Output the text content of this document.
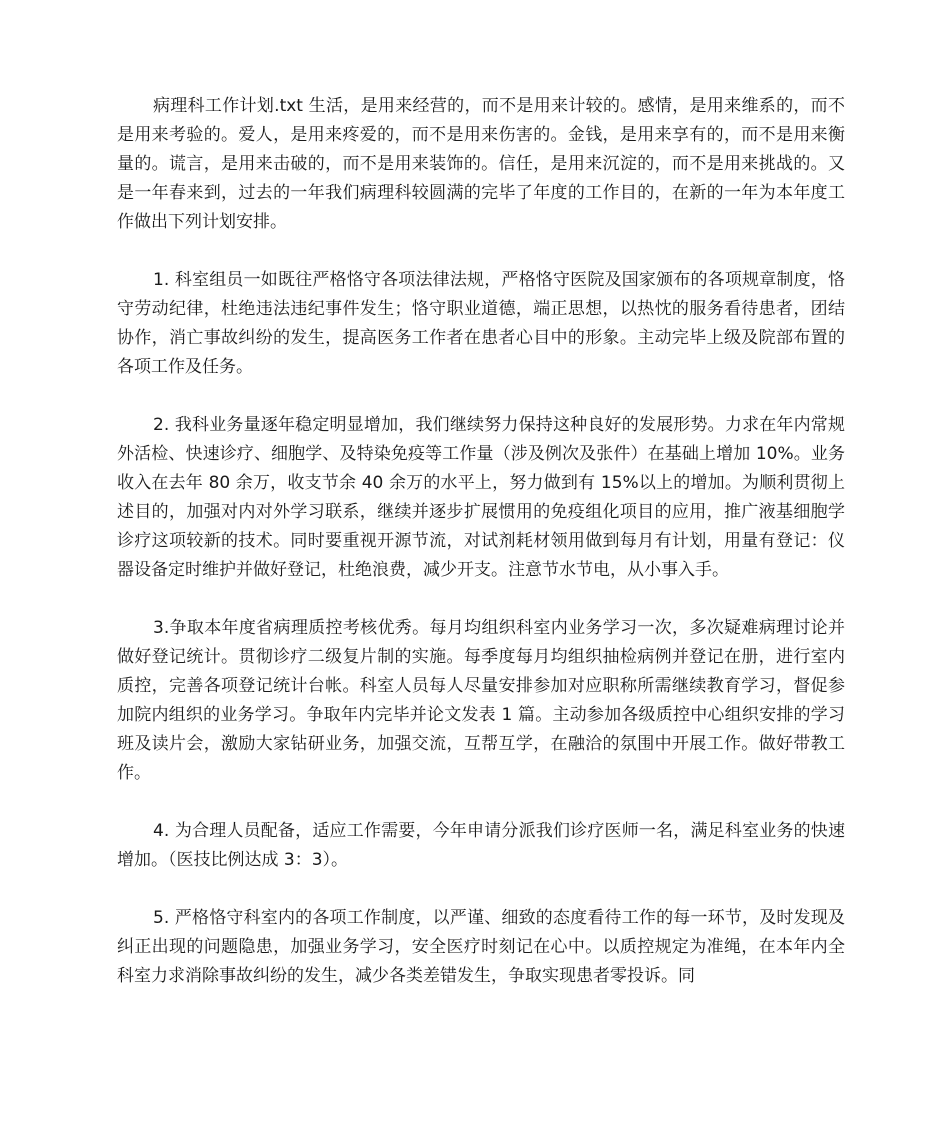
病理科工作计划.txt 生活，是用来经营的，而不是用来计较的。感情，是用来维系的，而不是用来考验的。爱人，是用来疼爱的，而不是用来伤害的。金钱，是用来享有的，而不是用来衡量的。谎言，是用来击破的，而不是用来装饰的。信任，是用来沉淀的，而不是用来挑战的。又是一年春来到，过去的一年我们病理科较圆满的完毕了年度的工作目的，在新的一年为本年度工作做出下列计划安排。

1. 科室组员一如既往严格恪守各项法律法规，严格恪守医院及国家颁布的各项规章制度，恪守劳动纪律，杜绝违法违纪事件发生；恪守职业道德，端正思想，以热忱的服务看待患者，团结协作，消亡事故纠纷的发生，提高医务工作者在患者心目中的形象。主动完毕上级及院部布置的各项工作及任务。

2. 我科业务量逐年稳定明显增加，我们继续努力保持这种良好的发展形势。力求在年内常规外活检、快速诊疗、细胞学、及特染免疫等工作量（涉及例次及张件）在基础上增加 10%。业务收入在去年 80 余万，收支节余 40 余万的水平上，努力做到有 15%以上的增加。为顺利贯彻上述目的，加强对内对外学习联系，继续并逐步扩展惯用的免疫组化项目的应用，推广液基细胞学诊疗这项较新的技术。同时要重视开源节流，对试剂耗材领用做到每月有计划，用量有登记：仪器设备定时维护并做好登记，杜绝浪费，减少开支。注意节水节电，从小事入手。

3.争取本年度省病理质控考核优秀。每月均组织科室内业务学习一次，多次疑难病理讨论并做好登记统计。贯彻诊疗二级复片制的实施。每季度每月均组织抽检病例并登记在册，进行室内质控，完善各项登记统计台帐。科室人员每人尽量安排参加对应职称所需继续教育学习，督促参加院内组织的业务学习。争取年内完毕并论文发表 1 篇。主动参加各级质控中心组织安排的学习班及读片会，激励大家钻研业务，加强交流，互帮互学，在融洽的氛围中开展工作。做好带教工作。

4. 为合理人员配备，适应工作需要，今年申请分派我们诊疗医师一名，满足科室业务的快速增加。（医技比例达成 3：3）。

5. 严格恪守科室内的各项工作制度，以严谨、细致的态度看待工作的每一环节，及时发现及纠正出现的问题隐患，加强业务学习，安全医疗时刻记在心中。以质控规定为准绳，在本年内全科室力求消除事故纠纷的发生，减少各类差错发生，争取实现患者零投诉。同
